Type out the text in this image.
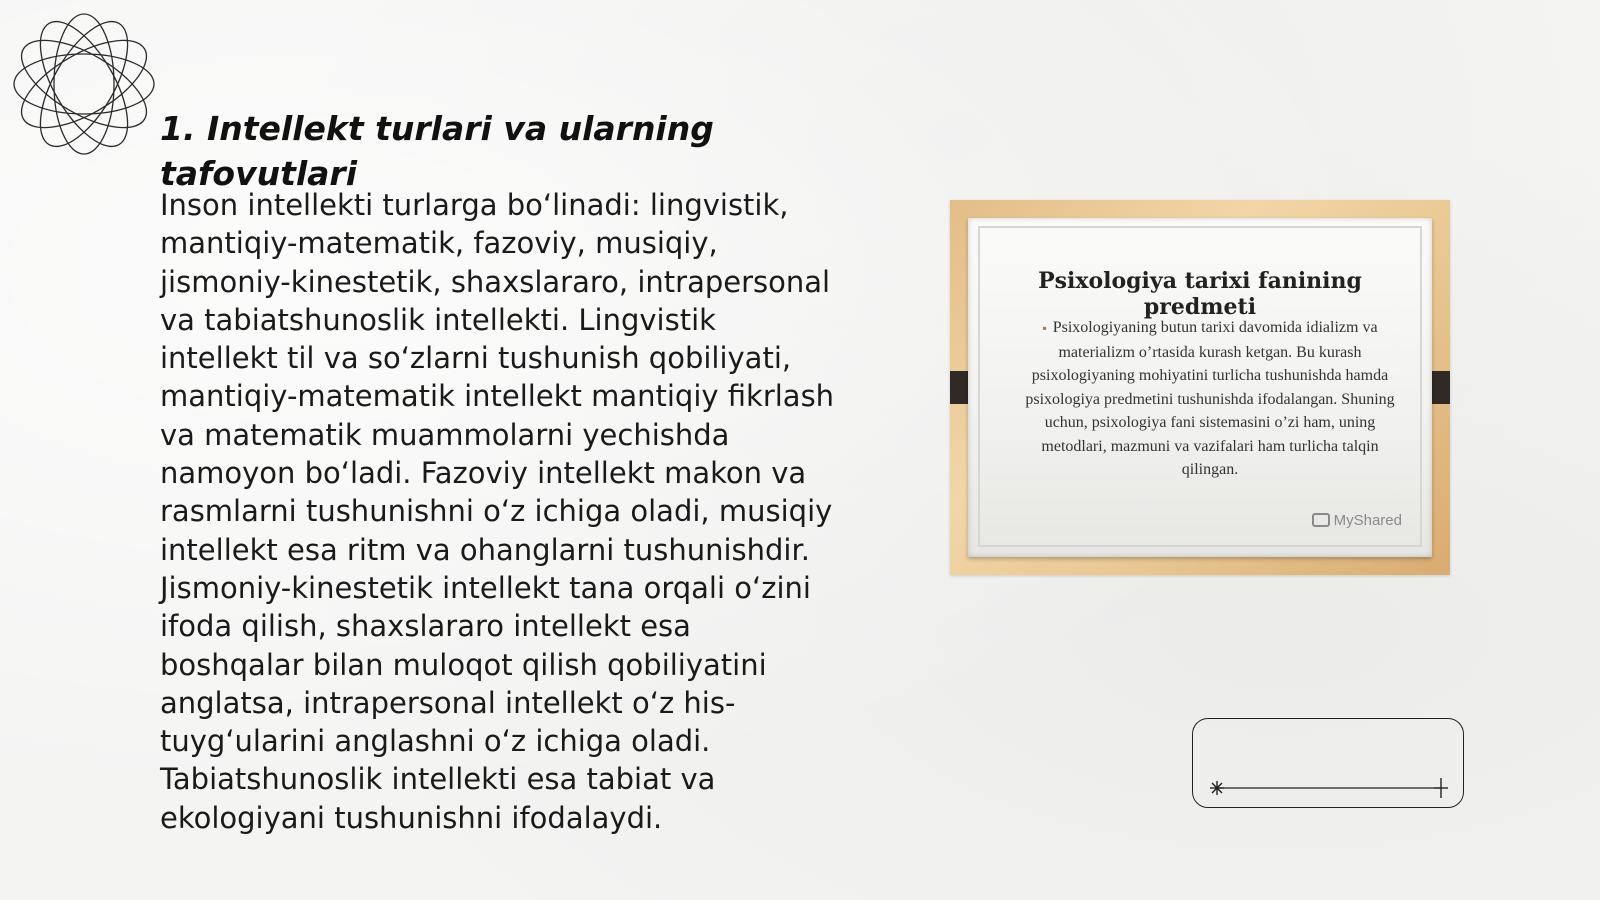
1. Intellekt turlari va ularning tafovutlari

Inson intellekti turlarga bo‘linadi: lingvistik, mantiqiy-matematik, fazoviy, musiqiy, jismoniy-kinestetik, shaxslararo, intrapersonal va tabiatshunoslik intellekti. Lingvistik intellekt til va so‘zlarni tushunish qobiliyati, mantiqiy-matematik intellekt mantiqiy fikrlash va matematik muammolarni yechishda namoyon bo‘ladi. Fazoviy intellekt makon va rasmlarni tushunishni o‘z ichiga oladi, musiqiy intellekt esa ritm va ohanglarni tushunishdir. Jismoniy-kinestetik intellekt tana orqali o‘zini ifoda qilish, shaxslararo intellekt esa boshqalar bilan muloqot qilish qobiliyatini anglatsa, intrapersonal intellekt o‘z his-tuyg‘ularini anglashni o‘z ichiga oladi. Tabiatshunoslik intellekti esa tabiat va ekologiyani tushunishni ifodalaydi.

Psixologiya tarixi fanining predmeti
▪ Psixologiyaning butun tarixi davomida idializm va materializm o’rtasida kurash ketgan. Bu kurash psixologiyaning mohiyatini turlicha tushunishda hamda psixologiya predmetini tushunishda ifodalangan. Shuning uchun, psixologiya fani sistemasini o’zi ham, uning metodlari, mazmuni va vazifalari ham turlicha talqin qilingan.
MyShared
